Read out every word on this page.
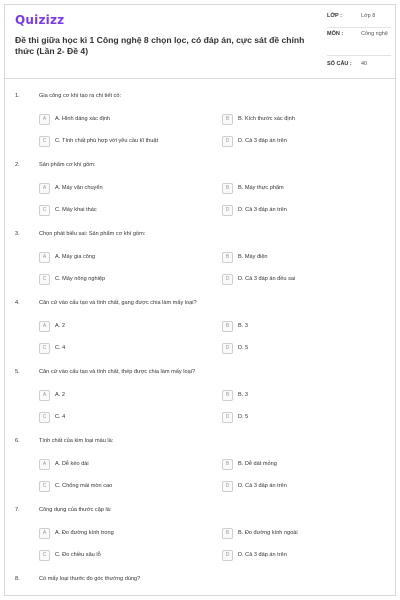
Quizizz
Đề thi giữa học kì 1 Công nghệ 8 chọn lọc, có đáp án, cực sát đề chính thức (Lần 2- Đề 4)
LỚP :	Lớp 8
MÔN :	Công nghệ
SỐ CÂU : 40
1.	Gia công cơ khí tạo ra chi tiết có:
A	A. Hình dáng xác định	B	B. Kích thước xác định
C	C. Tính chất phù hợp với yêu cầu kĩ thuật	D	D. Cả 3 đáp án trên
2.	Sản phẩm cơ khí gồm:
A	A. Máy vận chuyển	B	B. Máy thực phẩm
C	C. Máy khai thác	D	D. Cả 3 đáp án trên
3.	Chọn phát biểu sai: Sản phẩm cơ khí gồm:
A	A. Máy gia công	B	B. Máy điện
C	C. Máy nông nghiệp	D	D. Cả 3 đáp án đều sai
4.	Căn cứ vào cấu tạo và tính chất, gang được chia làm mấy loại?
A	A. 2	B	B. 3
C	C. 4	D	D. 5
5.	Căn cứ vào cấu tạo và tính chất, thép được chia làm mấy loại?
A	A. 2	B	B. 3
C	C. 4	D	D. 5
6.	Tính chất của kim loại màu là:
A	A. Dễ kéo dài	B	B. Dễ dát mỏng
C	C. Chống mài mòn cao	D	D. Cả 3 đáp án trên
7.	Công dụng của thước cặp là:
A	A. Đo đường kính trong	B	B. Đo đường kính ngoài
C	C. Đo chiều sâu lỗ	D	D. Cả 3 đáp án trên
8.	Có mấy loại thước đo góc thường dùng?
